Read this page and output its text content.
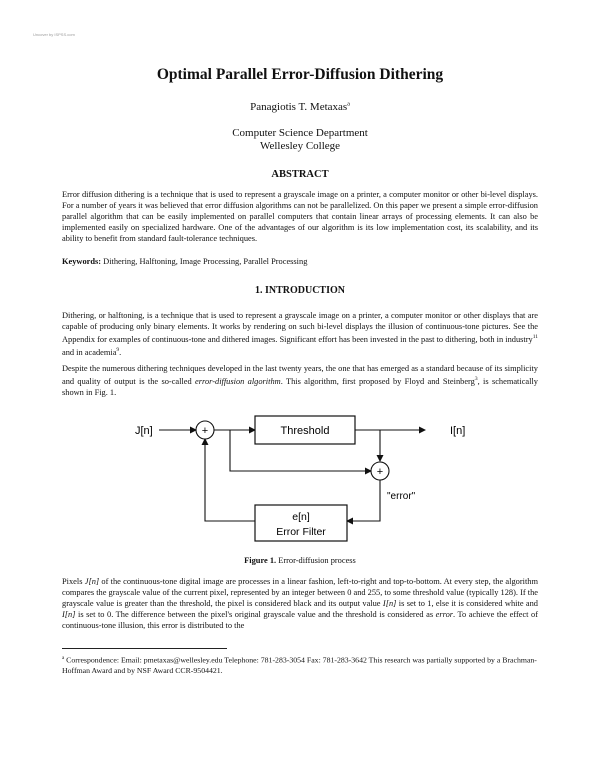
Uncover by ISPSS.com
Optimal Parallel Error-Diffusion Dithering
Panagiotis T. Metaxas$^a$
Computer Science Department
Wellesley College
ABSTRACT
Error diffusion dithering is a technique that is used to represent a grayscale image on a printer, a computer monitor or other bi-level displays. For a number of years it was believed that error diffusion algorithms can not be parallelized. On this paper we present a simple error-diffusion parallel algorithm that can be easily implemented on parallel computers that contain linear arrays of processing elements. It can also be implemented easily on specialized hardware. One of the advantages of our algorithm is its low implementation cost, its scalability, and its ability to benefit from standard fault-tolerance techniques.
Keywords: Dithering, Halftoning, Image Processing, Parallel Processing
1. INTRODUCTION
Dithering, or halftoning, is a technique that is used to represent a grayscale image on a printer, a computer monitor or other displays that are capable of producing only binary elements. It works by rendering on such bi-level displays the illusion of continuous-tone pictures. See the Appendix for examples of continuous-tone and dithered images. Significant effort has been invested in the past to dithering, both in industry$^{11}$ and in academia$^9$.
Despite the numerous dithering techniques developed in the last twenty years, the one that has emerged as a standard because of its simplicity and quality of output is the so-called error-diffusion algorithm. This algorithm, first proposed by Floyd and Steinberg$^3$, is schematically shown in Fig. 1.
+
+
Threshold
e[n]
Error Filter
J[n]	I[n]
"error"
Figure 1. Error-diffusion process
Pixels J[n] of the continuous-tone digital image are processes in a linear fashion, left-to-right and top-to-bottom. At every step, the algorithm compares the grayscale value of the current pixel, represented by an integer between 0 and 255, to some threshold value (typically 128). If the grayscale value is greater than the threshold, the pixel is considered black and its output value I[n] is set to 1, else it is considered white and I[n] is set to 0. The difference between the pixel's original grayscale value and the threshold is considered as error. To achieve the effect of continuous-tone illusion, this error is distributed to the
$^a$ Correspondence: Email: pmetaxas@wellesley.edu Telephone: 781-283-3054 Fax: 781-283-3642 This research was partially supported by a Brachman-Hoffman Award and by NSF Award CCR-9504421.
